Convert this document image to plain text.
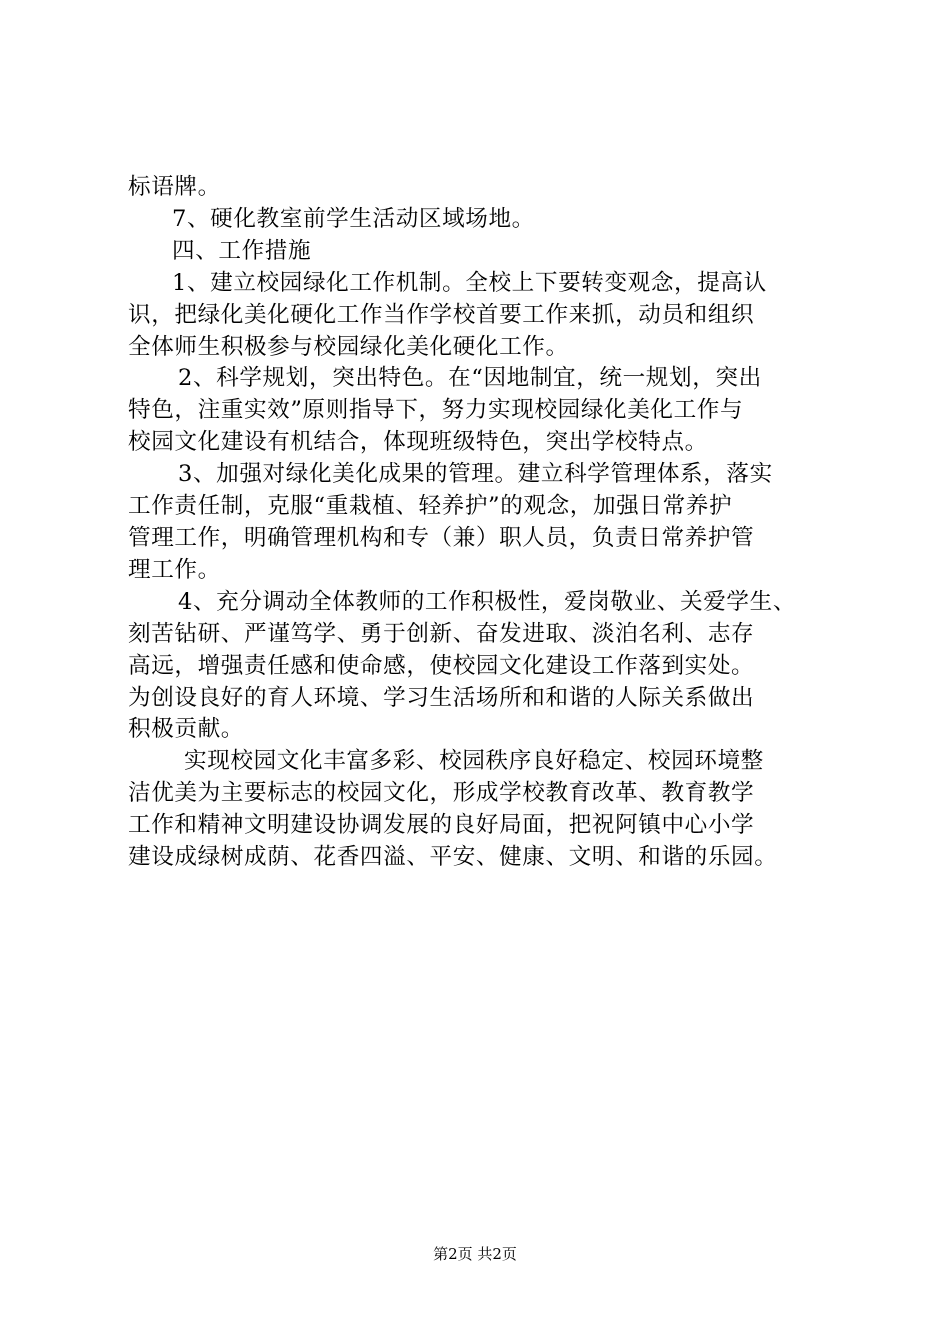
标语牌。
7、硬化教室前学生活动区域场地。
四、工作措施
1、建立校园绿化工作机制。全校上下要转变观念，提高认
识，把绿化美化硬化工作当作学校首要工作来抓，动员和组织
全体师生积极参与校园绿化美化硬化工作。
2、科学规划，突出特色。在“因地制宜，统一规划，突出
特色，注重实效”原则指导下，努力实现校园绿化美化工作与
校园文化建设有机结合，体现班级特色，突出学校特点。
3、加强对绿化美化成果的管理。建立科学管理体系，落实
工作责任制，克服“重栽植、轻养护”的观念，加强日常养护
管理工作，明确管理机构和专（兼）职人员，负责日常养护管
理工作。
4、充分调动全体教师的工作积极性，爱岗敬业、关爱学生、
刻苦钻研、严谨笃学、勇于创新、奋发进取、淡泊名利、志存
高远，增强责任感和使命感，使校园文化建设工作落到实处。
为创设良好的育人环境、学习生活场所和和谐的人际关系做出
积极贡献。
实现校园文化丰富多彩、校园秩序良好稳定、校园环境整
洁优美为主要标志的校园文化，形成学校教育改革、教育教学
工作和精神文明建设协调发展的良好局面，把祝阿镇中心小学
建设成绿树成荫、花香四溢、平安、健康、文明、和谐的乐园。
第2页 共2页
